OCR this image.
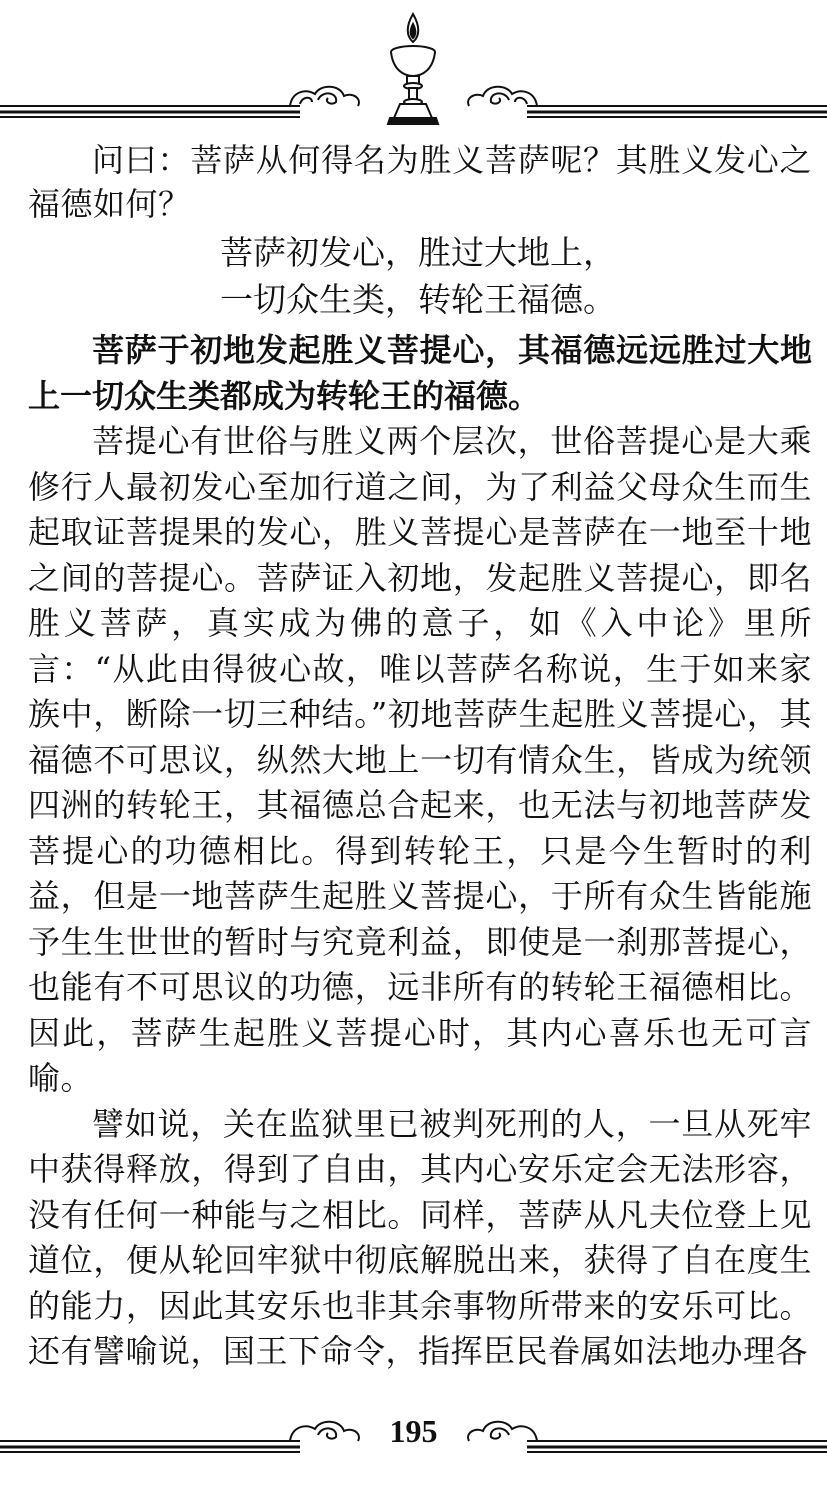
问曰：菩萨从何得名为胜义菩萨呢？其胜义发心之福德如何？

菩萨初发心，胜过大地上，

一切众生类，转轮王福德。

菩萨于初地发起胜义菩提心，其福德远远胜过大地上一切众生类都成为转轮王的福德。

菩提心有世俗与胜义两个层次，世俗菩提心是大乘修行人最初发心至加行道之间，为了利益父母众生而生起取证菩提果的发心，胜义菩提心是菩萨在一地至十地之间的菩提心。菩萨证入初地，发起胜义菩提心，即名胜义菩萨，真实成为佛的意子，如《入中论》里所言：“从此由得彼心故，唯以菩萨名称说，生于如来家族中，断除一切三种结。”初地菩萨生起胜义菩提心，其福德不可思议，纵然大地上一切有情众生，皆成为统领四洲的转轮王，其福德总合起来，也无法与初地菩萨发菩提心的功德相比。得到转轮王，只是今生暂时的利益，但是一地菩萨生起胜义菩提心，于所有众生皆能施予生生世世的暂时与究竟利益，即使是一刹那菩提心，也能有不可思议的功德，远非所有的转轮王福德相比。因此，菩萨生起胜义菩提心时，其内心喜乐也无可言喻。

譬如说，关在监狱里已被判死刑的人，一旦从死牢中获得释放，得到了自由，其内心安乐定会无法形容，没有任何一种能与之相比。同样，菩萨从凡夫位登上见道位，便从轮回牢狱中彻底解脱出来，获得了自在度生的能力，因此其安乐也非其余事物所带来的安乐可比。还有譬喻说，国王下命令，指挥臣民眷属如法地办理各

195
